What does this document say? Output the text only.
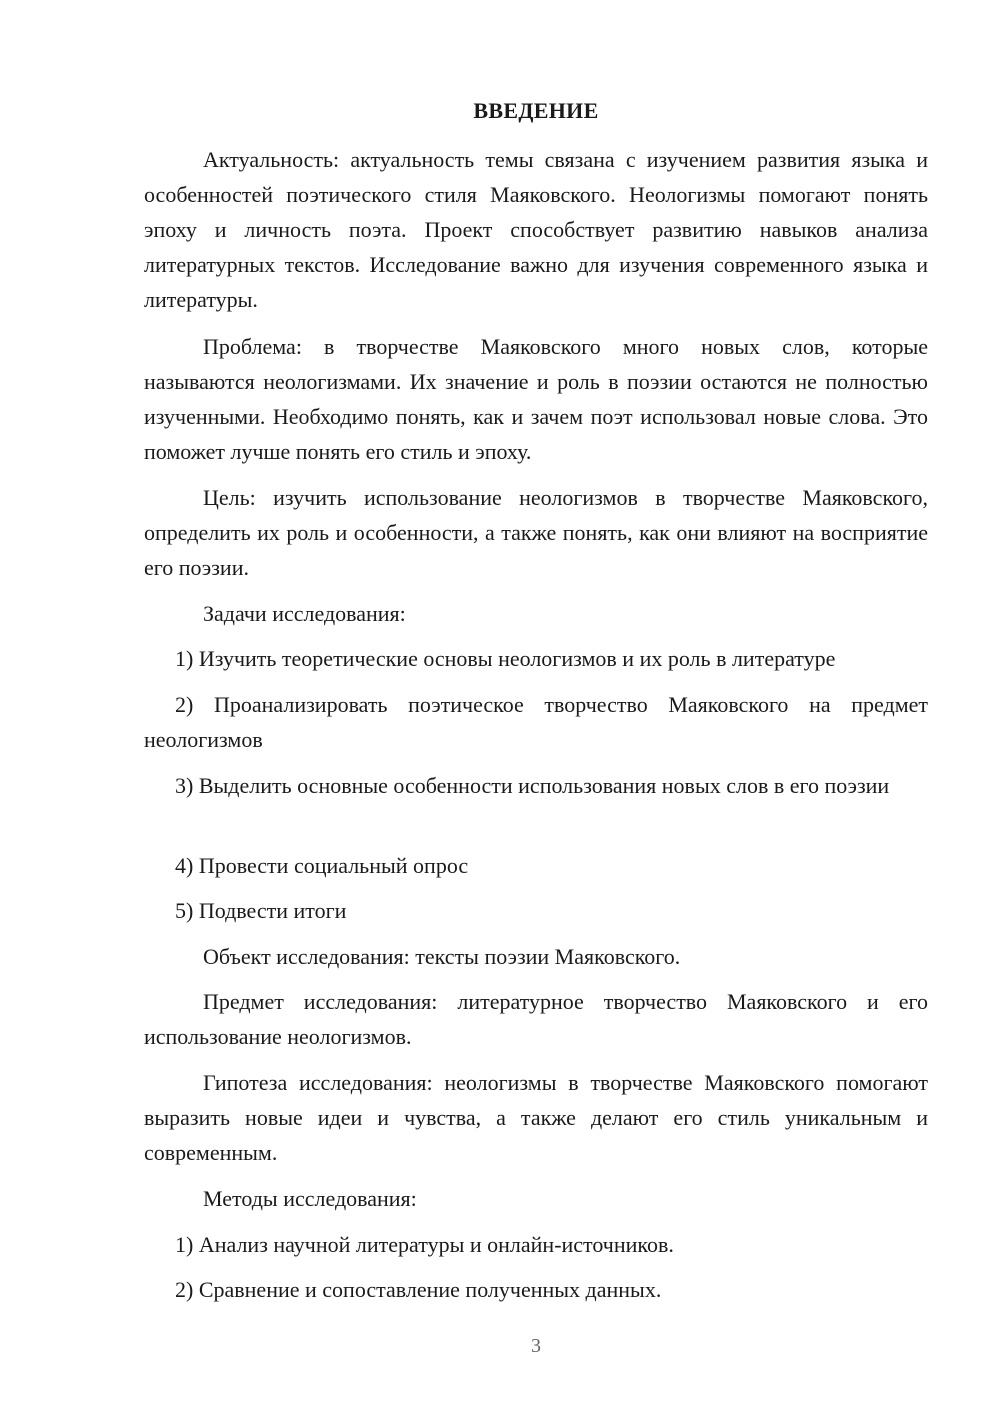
ВВЕДЕНИЕ

Актуальность: актуальность темы связана с изучением развития языка и особенностей поэтического стиля Маяковского. Неологизмы помогают понять эпоху и личность поэта. Проект способствует развитию навыков анализа литературных текстов. Исследование важно для изучения современного языка и литературы.

Проблема: в творчестве Маяковского много новых слов, которые называются неологизмами. Их значение и роль в поэзии остаются не полностью изученными. Необходимо понять, как и зачем поэт использовал новые слова. Это поможет лучше понять его стиль и эпоху.

Цель: изучить использование неологизмов в творчестве Маяковского, определить их роль и особенности, а также понять, как они влияют на восприятие его поэзии.

Задачи исследования:

1) Изучить теоретические основы неологизмов и их роль в литературе

2) Проанализировать поэтическое творчество Маяковского на предмет неологизмов

3) Выделить основные особенности использования новых слов в его поэзии

4) Провести социальный опрос

5) Подвести итоги

Объект исследования: тексты поэзии Маяковского.

Предмет исследования: литературное творчество Маяковского и его использование неологизмов.

Гипотеза исследования: неологизмы в творчестве Маяковского помогают выразить новые идеи и чувства, а также делают его стиль уникальным и современным.

Методы исследования:

1) Анализ научной литературы и онлайн-источников.

2) Сравнение и сопоставление полученных данных.

3
